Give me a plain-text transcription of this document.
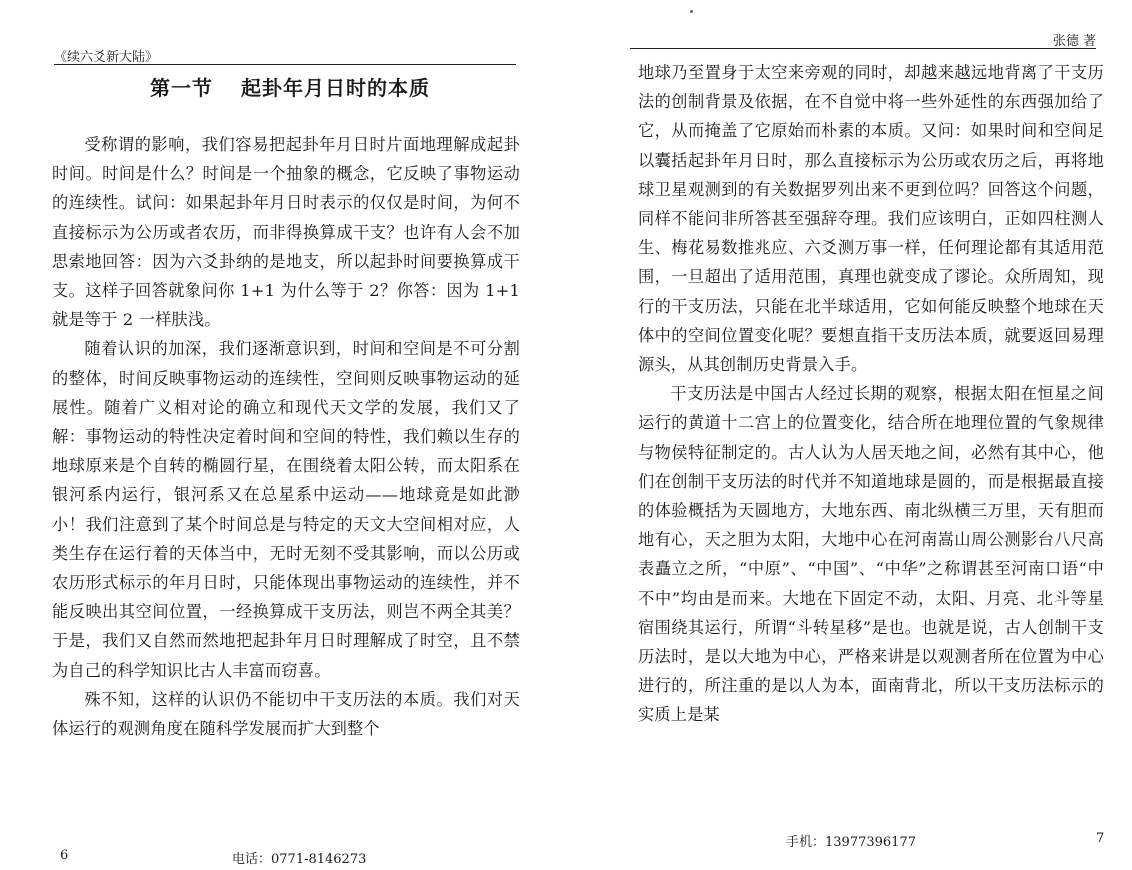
《续六爻新大陆》
第一节 起卦年月日时的本质

受称谓的影响，我们容易把起卦年月日时片面地理解成起卦时间。时间是什么？时间是一个抽象的概念，它反映了事物运动的连续性。试问：如果起卦年月日时表示的仅仅是时间，为何不直接标示为公历或者农历，而非得换算成干支？也许有人会不加思索地回答：因为六爻卦纳的是地支，所以起卦时间要换算成干支。这样子回答就象问你 1+1 为什么等于 2？你答：因为 1+1 就是等于 2 一样肤浅。

随着认识的加深，我们逐渐意识到，时间和空间是不可分割的整体，时间反映事物运动的连续性，空间则反映事物运动的延展性。随着广义相对论的确立和现代天文学的发展，我们又了解：事物运动的特性决定着时间和空间的特性，我们赖以生存的地球原来是个自转的椭圆行星，在围绕着太阳公转，而太阳系在银河系内运行，银河系又在总星系中运动——地球竟是如此渺小！我们注意到了某个时间总是与特定的天文大空间相对应，人类生存在运行着的天体当中，无时无刻不受其影响，而以公历或农历形式标示的年月日时，只能体现出事物运动的连续性，并不能反映出其空间位置，一经换算成干支历法，则岂不两全其美？于是，我们又自然而然地把起卦年月日时理解成了时空，且不禁为自己的科学知识比古人丰富而窃喜。

殊不知，这样的认识仍不能切中干支历法的本质。我们对天体运行的观测角度在随科学发展而扩大到整个

6	电话：0771-8146273
张德 著

地球乃至置身于太空来旁观的同时，却越来越远地背离了干支历法的创制背景及依据，在不自觉中将一些外延性的东西强加给了它，从而掩盖了它原始而朴素的本质。又问：如果时间和空间足以囊括起卦年月日时，那么直接标示为公历或农历之后，再将地球卫星观测到的有关数据罗列出来不更到位吗？回答这个问题，同样不能问非所答甚至强辞夺理。我们应该明白，正如四柱测人生、梅花易数推兆应、六爻测万事一样，任何理论都有其适用范围，一旦超出了适用范围，真理也就变成了谬论。众所周知，现行的干支历法，只能在北半球适用，它如何能反映整个地球在天体中的空间位置变化呢？要想直指干支历法本质，就要返回易理源头，从其创制历史背景入手。

干支历法是中国古人经过长期的观察，根据太阳在恒星之间运行的黄道十二宫上的位置变化，结合所在地理位置的气象规律与物侯特征制定的。古人认为人居天地之间，必然有其中心，他们在创制干支历法的时代并不知道地球是圆的，而是根据最直接的体验概括为天圆地方，大地东西、南北纵横三万里，天有胆而地有心，天之胆为太阳，大地中心在河南嵩山周公测影台八尺高表矗立之所，“中原”、“中国”、“中华”之称谓甚至河南口语“中不中”均由是而来。大地在下固定不动，太阳、月亮、北斗等星宿围绕其运行，所谓“斗转星移”是也。也就是说，古人创制干支历法时，是以大地为中心，严格来讲是以观测者所在位置为中心进行的，所注重的是以人为本，面南背北，所以干支历法标示的实质上是某

手机：13977396177	7
